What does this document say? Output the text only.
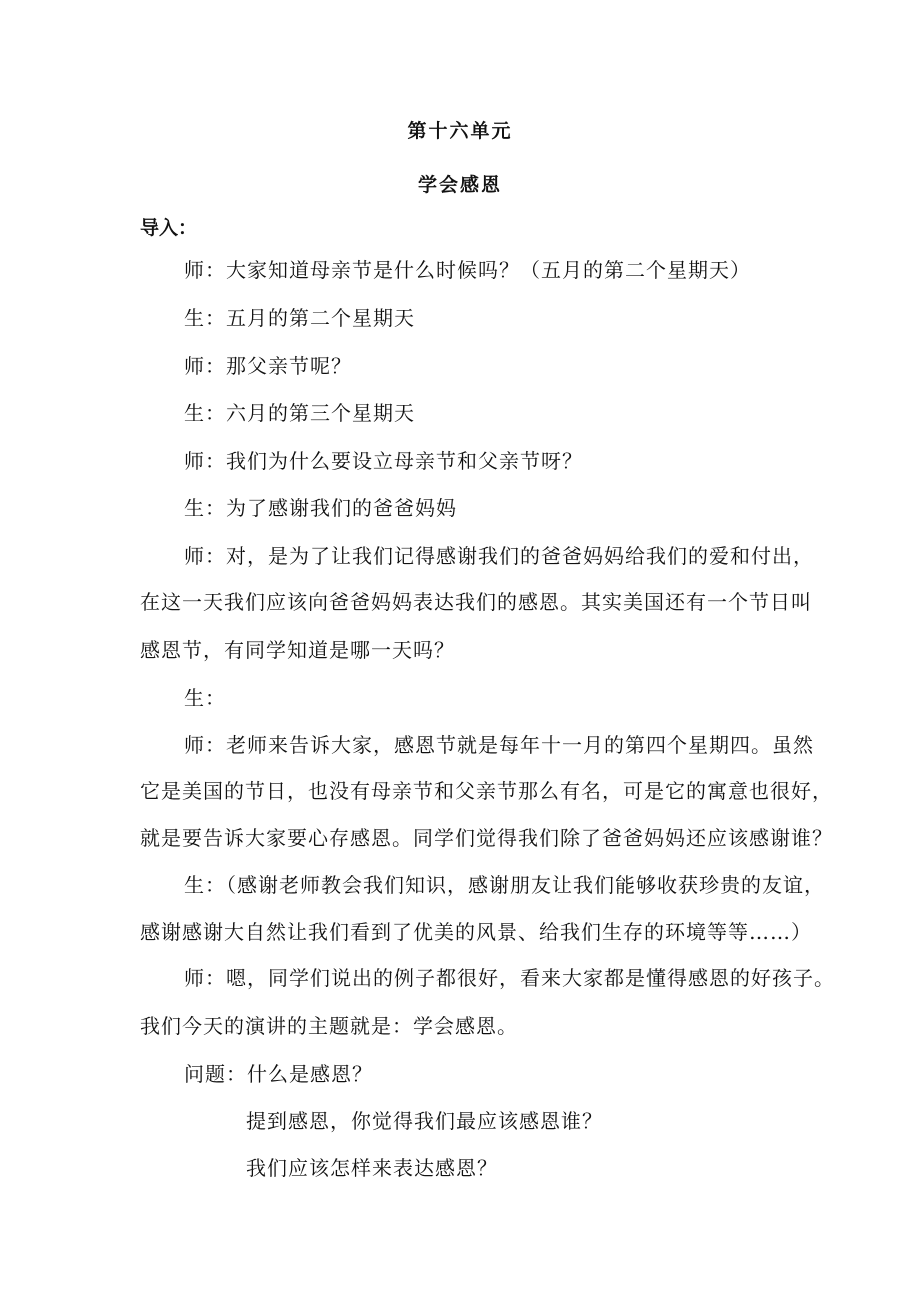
第十六单元
学会感恩
导入：
师：大家知道母亲节是什么时候吗？（五月的第二个星期天）
生：五月的第二个星期天
师：那父亲节呢？
生：六月的第三个星期天
师：我们为什么要设立母亲节和父亲节呀？
生：为了感谢我们的爸爸妈妈
师：对，是为了让我们记得感谢我们的爸爸妈妈给我们的爱和付出，
在这一天我们应该向爸爸妈妈表达我们的感恩。其实美国还有一个节日叫
感恩节，有同学知道是哪一天吗？
生：
师：老师来告诉大家，感恩节就是每年十一月的第四个星期四。虽然
它是美国的节日，也没有母亲节和父亲节那么有名，可是它的寓意也很好，
就是要告诉大家要心存感恩。同学们觉得我们除了爸爸妈妈还应该感谢谁？
生：（感谢老师教会我们知识，感谢朋友让我们能够收获珍贵的友谊，
感谢感谢大自然让我们看到了优美的风景、给我们生存的环境等等……）
师：嗯，同学们说出的例子都很好，看来大家都是懂得感恩的好孩子。
我们今天的演讲的主题就是：学会感恩。
问题：什么是感恩？
提到感恩，你觉得我们最应该感恩谁？
我们应该怎样来表达感恩？
